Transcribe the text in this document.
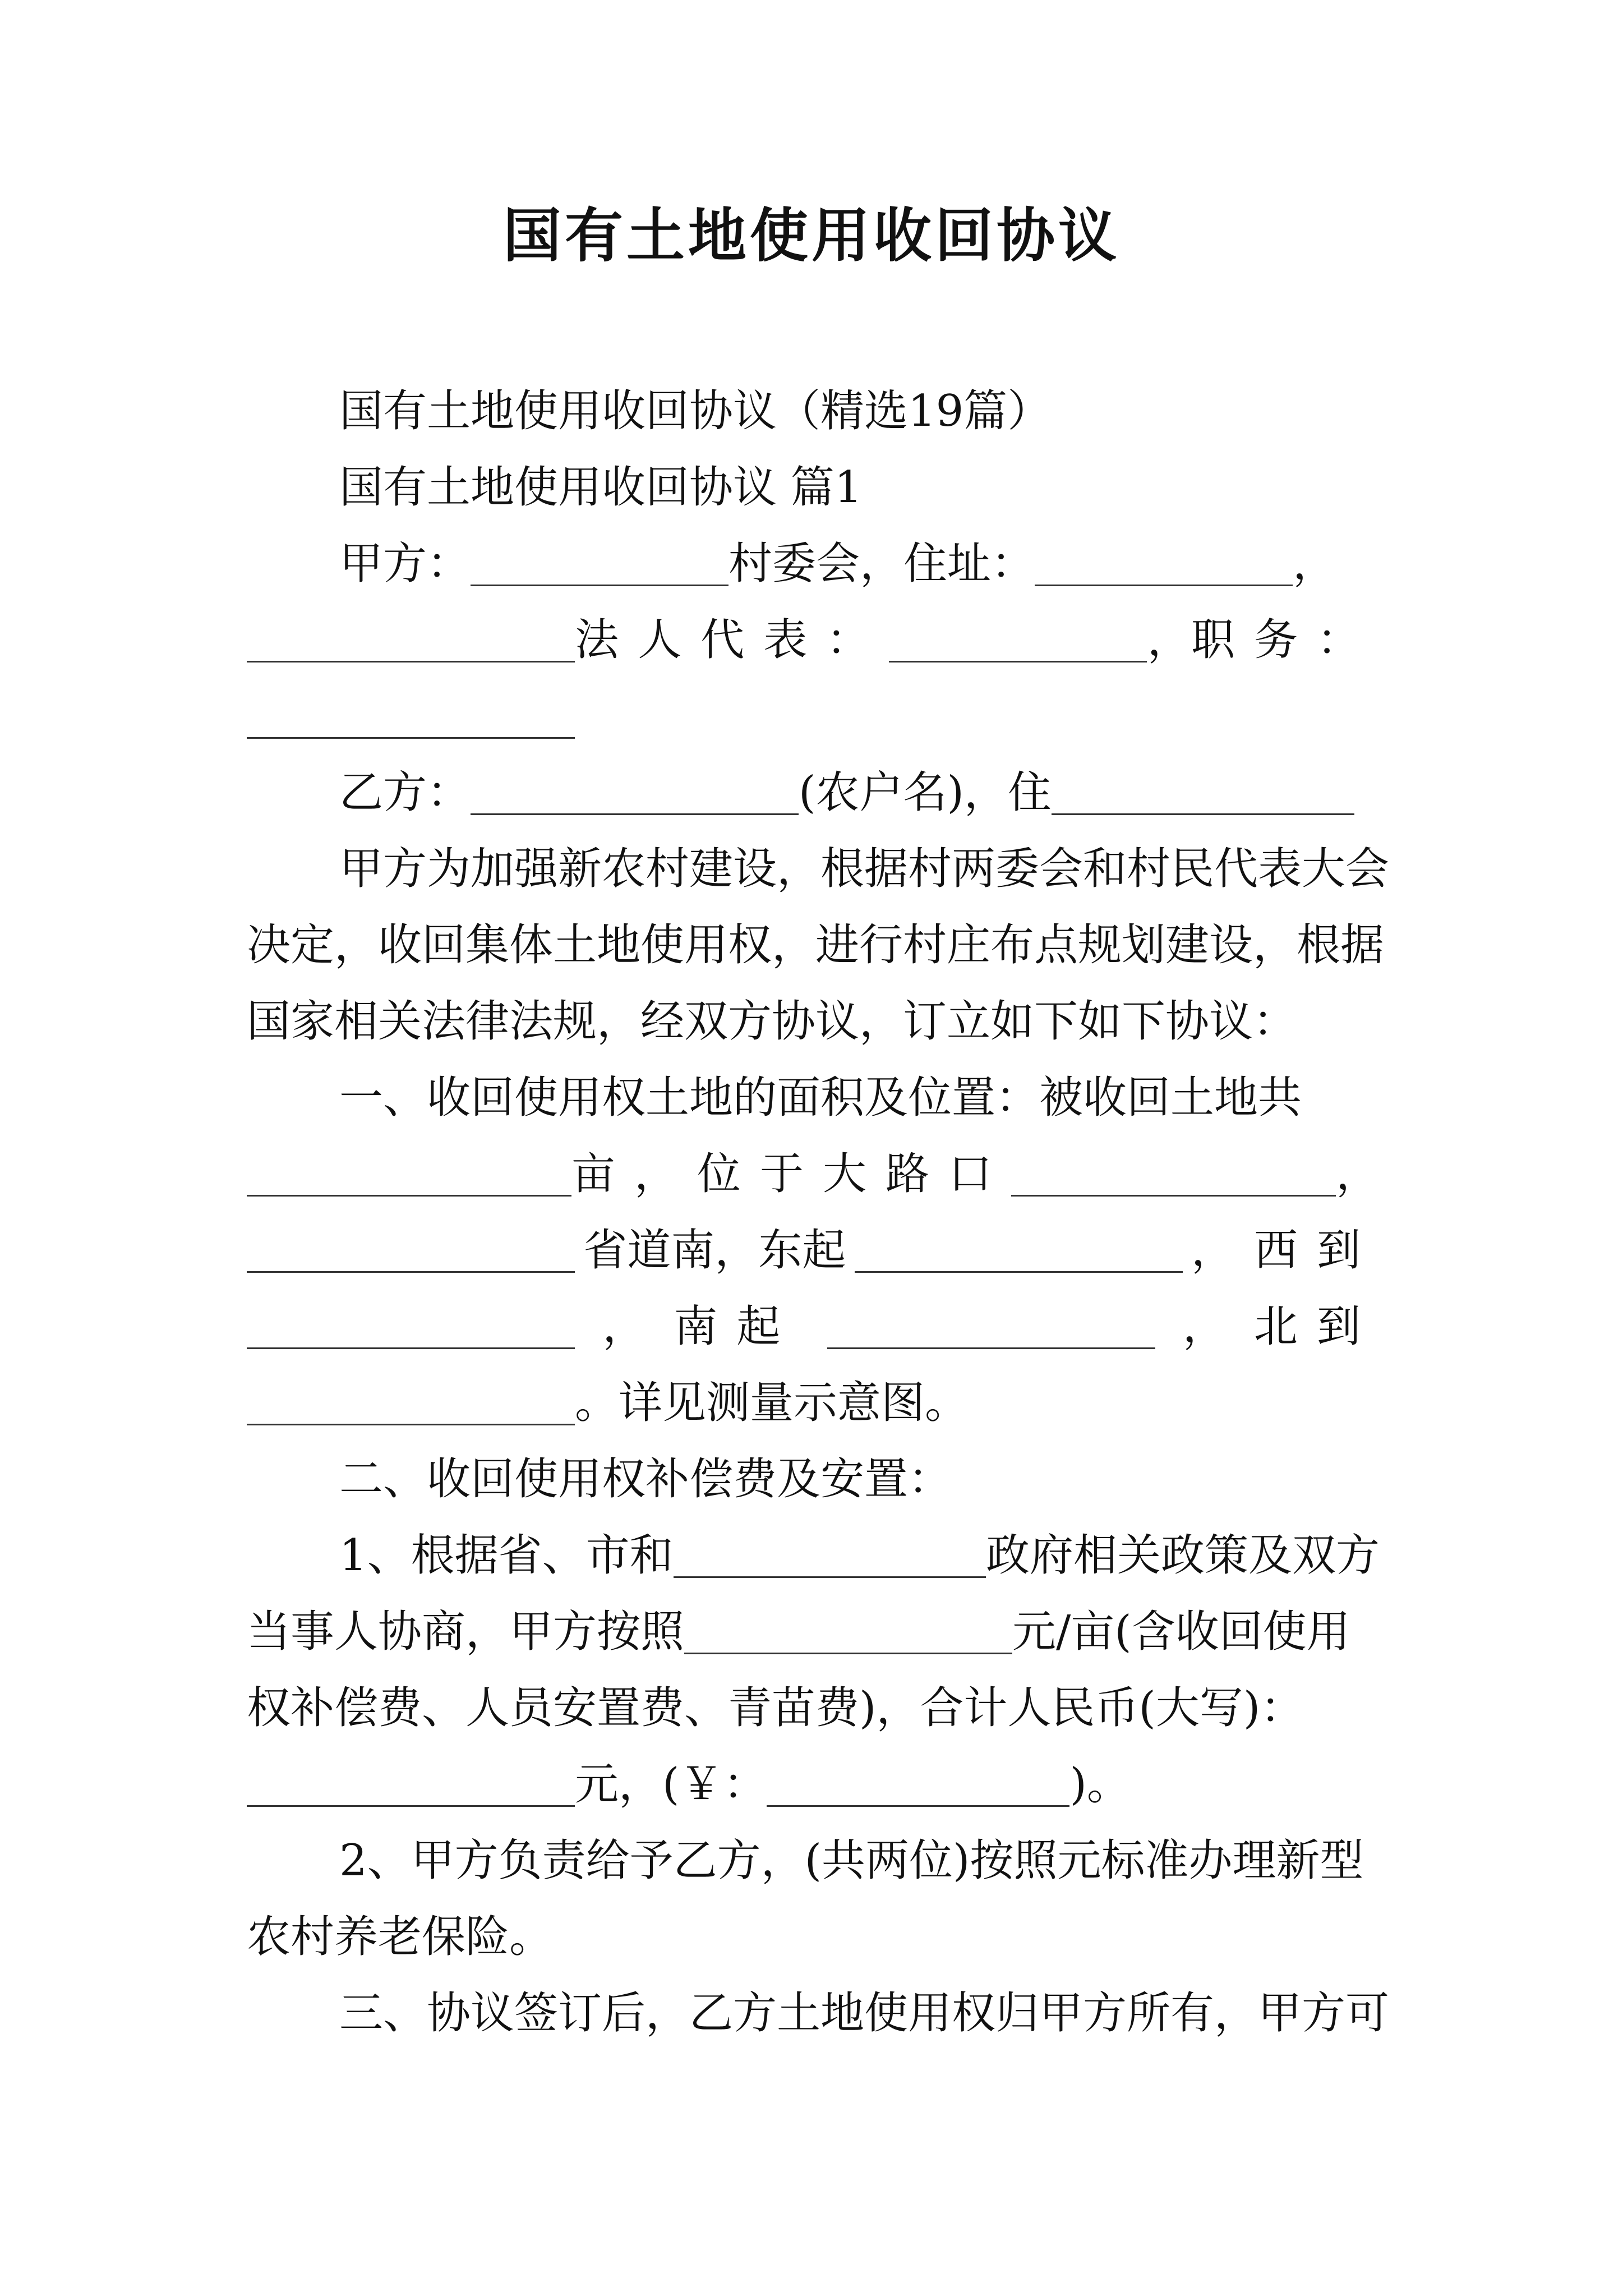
国有土地使用收回协议
国有土地使用收回协议（精选19篇）
国有土地使用收回协议 篇1
甲方：	村委会，住址：	，
法人代表：	， 职务：
乙方：	(农户名)，住
甲方为加强新农村建设，根据村两委会和村民代表大会
决定，收回集体土地使用权，进行村庄布点规划建设，根据
国家相关法律法规，经双方协议，订立如下如下协议：
一、收回使用权土地的面积及位置：被收回土地共
亩，位于大路口	，
省道南，东起	，西到
， 南起	， 北到
。详见测量示意图。
二、收回使用权补偿费及安置：
1、根据省、市和	政府相关政策及双方
当事人协商，甲方按照	元/亩(含收回使用
权补偿费、人员安置费、青苗费)，合计人民币(大写)：
元，(￥：	)。
2、甲方负责给予乙方，(共两位)按照元标准办理新型
农村养老保险。
三、协议签订后，乙方土地使用权归甲方所有，甲方可
